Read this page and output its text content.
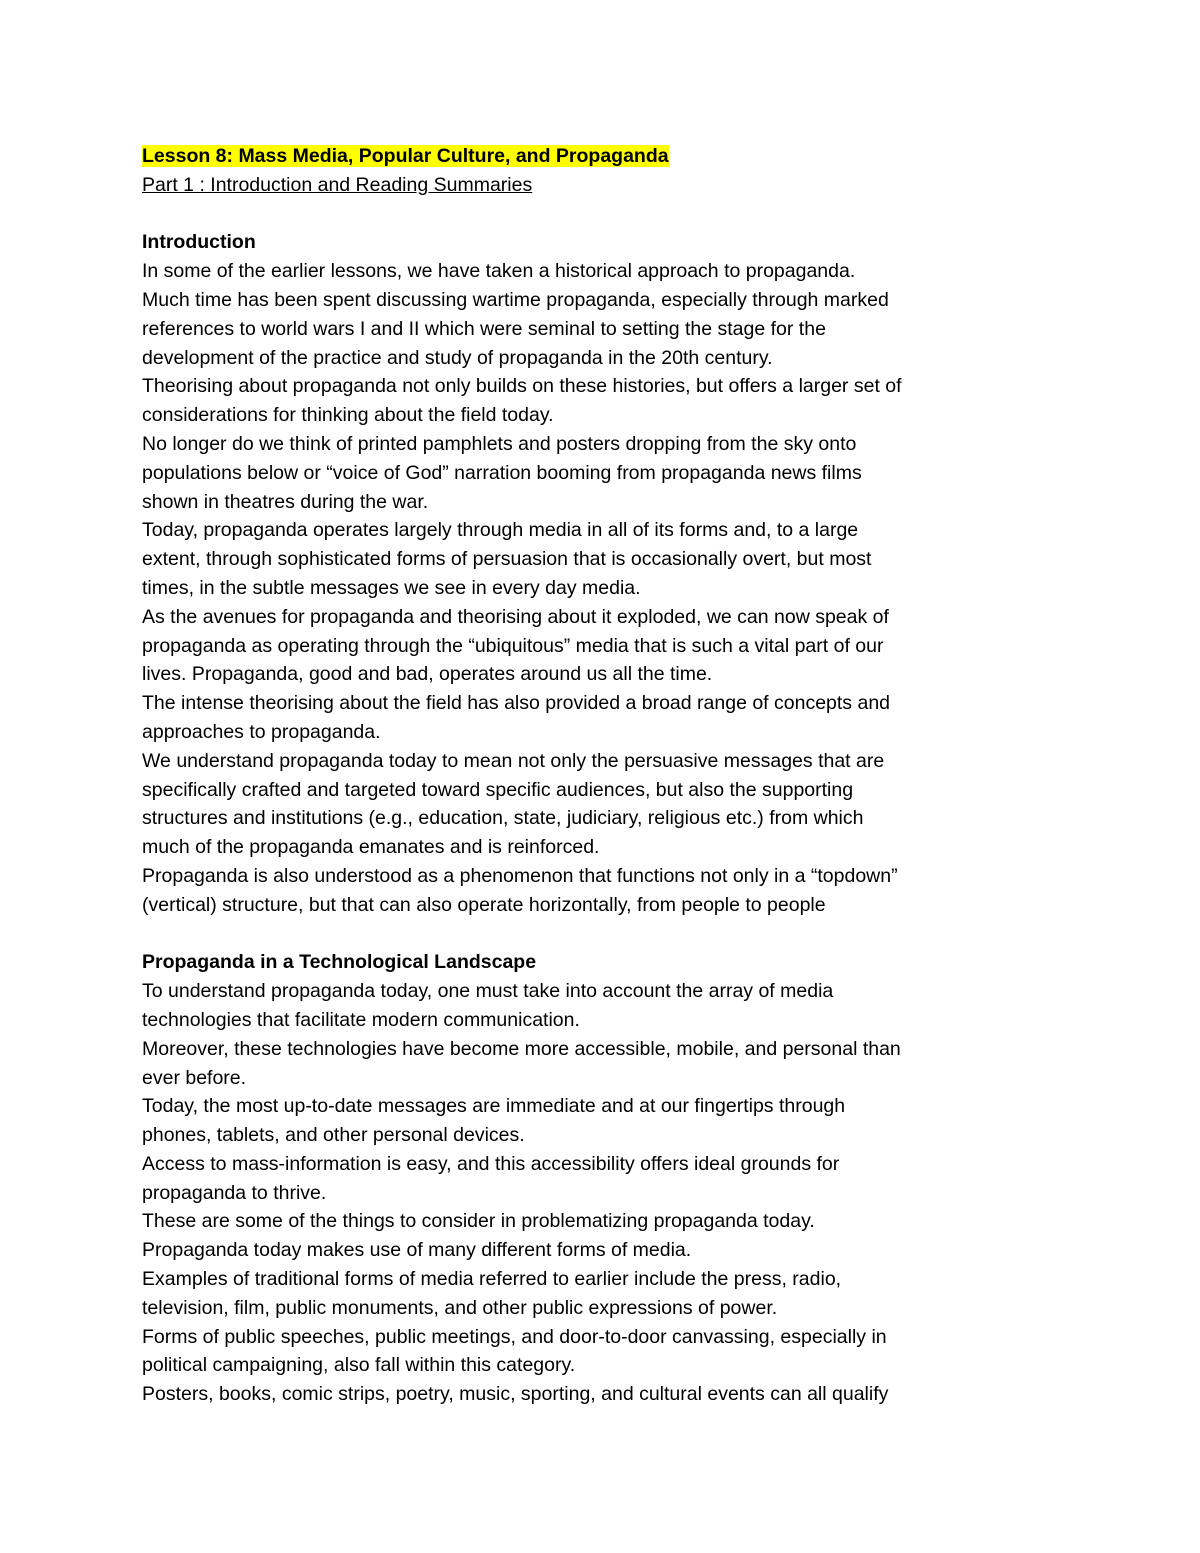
Lesson 8: Mass Media, Popular Culture, and Propaganda
Part 1 : Introduction and Reading Summaries
Introduction
In some of the earlier lessons, we have taken a historical approach to propaganda.
Much time has been spent discussing wartime propaganda, especially through marked
references to world wars I and II which were seminal to setting the stage for the
development of the practice and study of propaganda in the 20th century.
Theorising about propaganda not only builds on these histories, but offers a larger set of
considerations for thinking about the field today.
No longer do we think of printed pamphlets and posters dropping from the sky onto
populations below or “voice of God” narration booming from propaganda news films
shown in theatres during the war.
Today, propaganda operates largely through media in all of its forms and, to a large
extent, through sophisticated forms of persuasion that is occasionally overt, but most
times, in the subtle messages we see in every day media.
As the avenues for propaganda and theorising about it exploded, we can now speak of
propaganda as operating through the “ubiquitous” media that is such a vital part of our
lives. Propaganda, good and bad, operates around us all the time.
The intense theorising about the field has also provided a broad range of concepts and
approaches to propaganda.
We understand propaganda today to mean not only the persuasive messages that are
specifically crafted and targeted toward specific audiences, but also the supporting
structures and institutions (e.g., education, state, judiciary, religious etc.) from which
much of the propaganda emanates and is reinforced.
Propaganda is also understood as a phenomenon that functions not only in a “topdown”
(vertical) structure, but that can also operate horizontally, from people to people
Propaganda in a Technological Landscape
To understand propaganda today, one must take into account the array of media
technologies that facilitate modern communication.
Moreover, these technologies have become more accessible, mobile, and personal than
ever before.
Today, the most up-to-date messages are immediate and at our fingertips through
phones, tablets, and other personal devices.
Access to mass-information is easy, and this accessibility offers ideal grounds for
propaganda to thrive.
These are some of the things to consider in problematizing propaganda today.
Propaganda today makes use of many different forms of media.
Examples of traditional forms of media referred to earlier include the press, radio,
television, film, public monuments, and other public expressions of power.
Forms of public speeches, public meetings, and door-to-door canvassing, especially in
political campaigning, also fall within this category.
Posters, books, comic strips, poetry, music, sporting, and cultural events can all qualify
